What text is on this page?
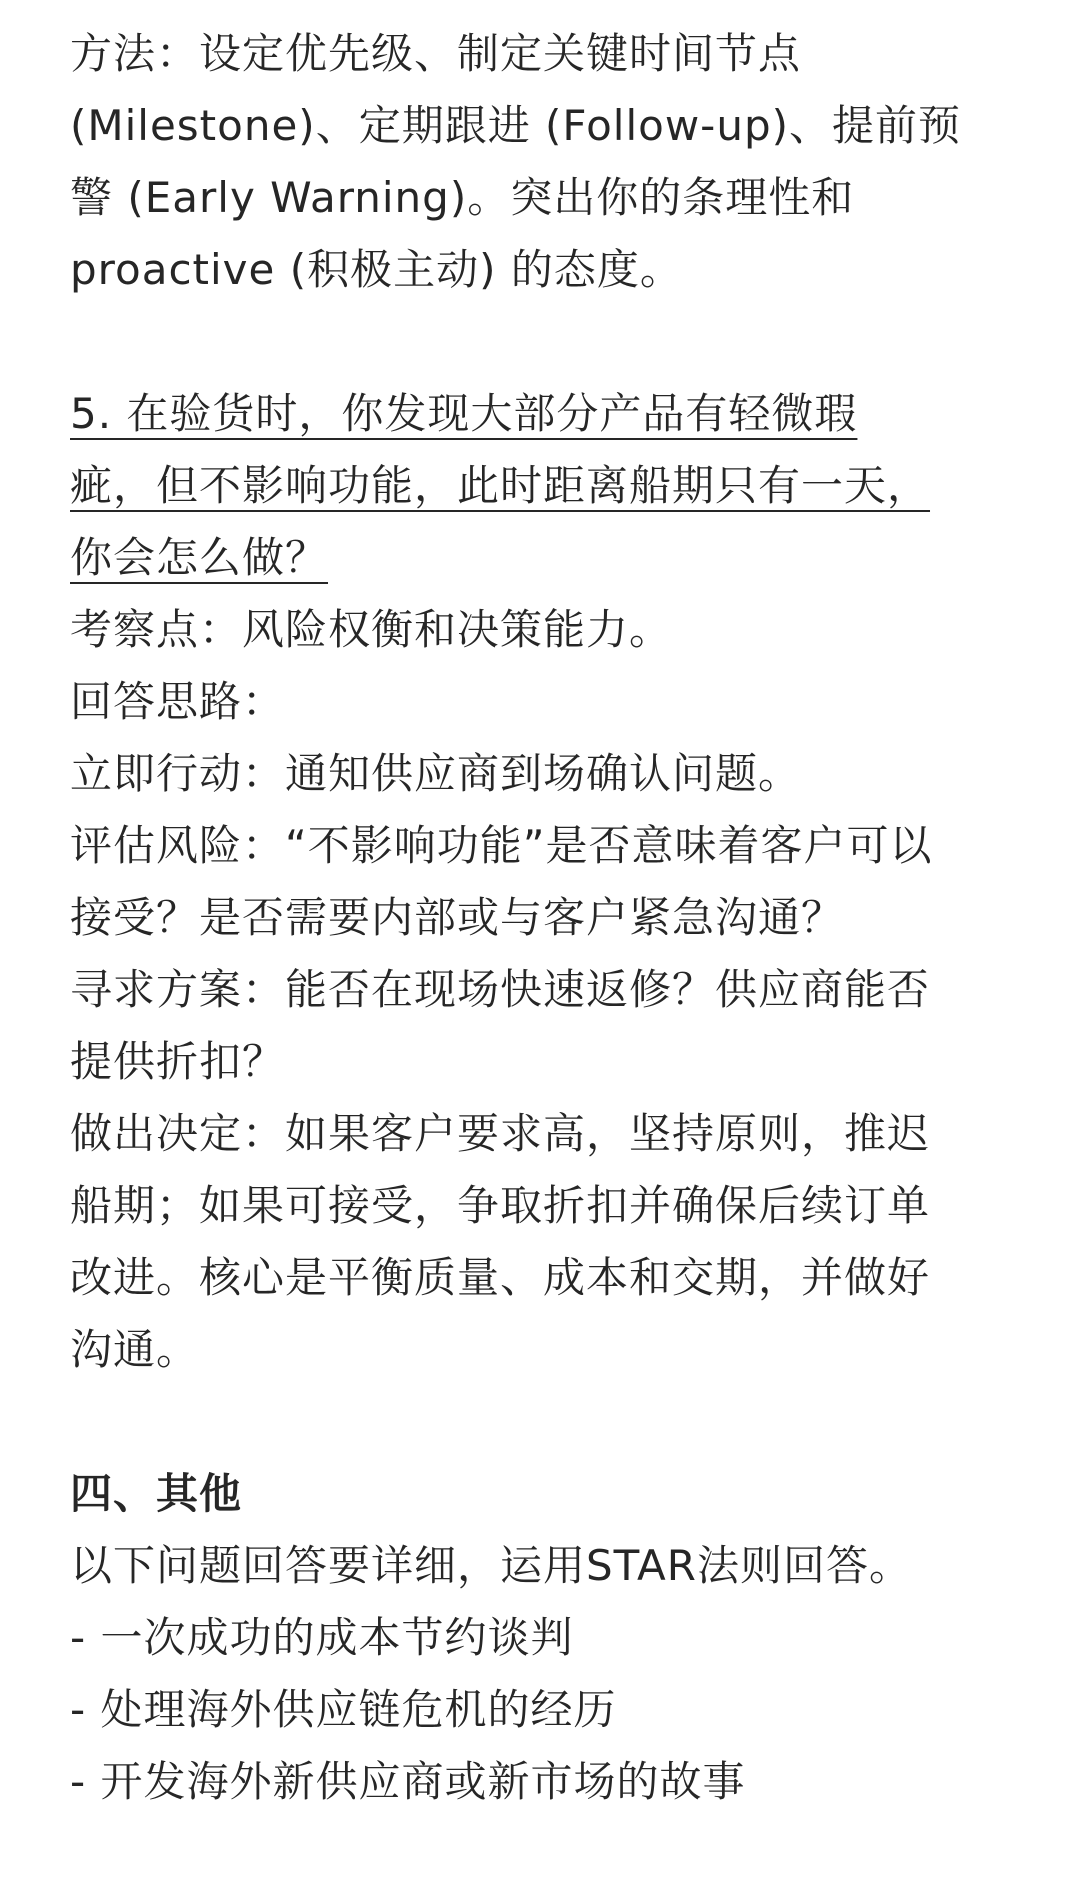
方法：设定优先级、制定关键时间节点
(Milestone)、定期跟进 (Follow-up)、提前预
警 (Early Warning)。突出你的条理性和
proactive (积极主动) 的态度。
5. 在验货时，你发现大部分产品有轻微瑕
疵，但不影响功能，此时距离船期只有一天，
你会怎么做？
考察点：风险权衡和决策能力。
回答思路：
立即行动：通知供应商到场确认问题。
评估风险：“不影响功能”是否意味着客户可以
接受？是否需要内部或与客户紧急沟通？
寻求方案：能否在现场快速返修？供应商能否
提供折扣？
做出决定：如果客户要求高，坚持原则，推迟
船期；如果可接受，争取折扣并确保后续订单
改进。核心是平衡质量、成本和交期，并做好
沟通。
四、其他
以下问题回答要详细，运用STAR法则回答。
- 一次成功的成本节约谈判
- 处理海外供应链危机的经历
- 开发海外新供应商或新市场的故事
